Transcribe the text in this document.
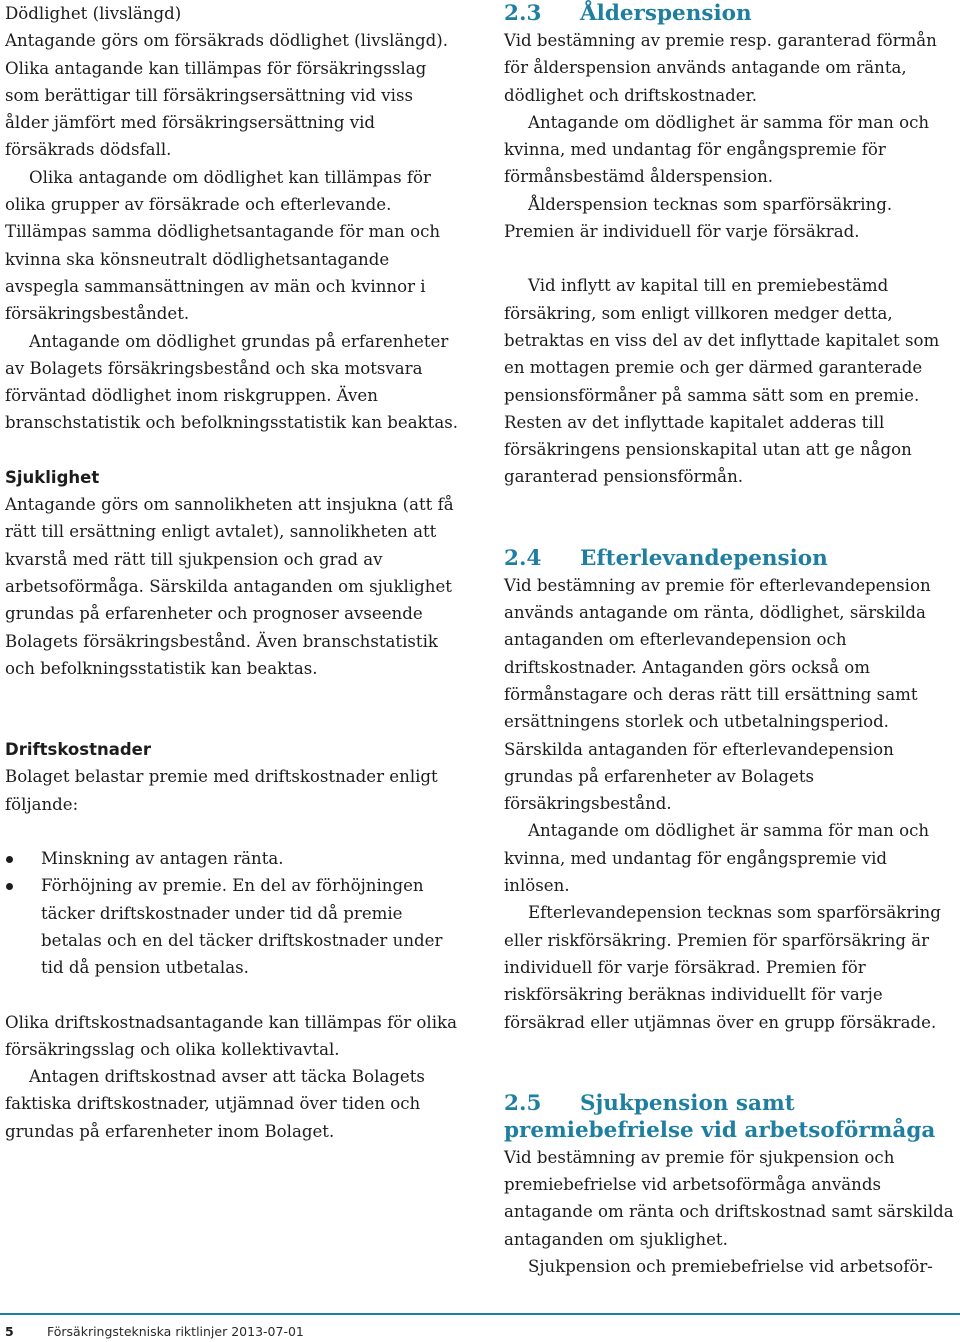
Dödlighet (livslängd)

Antagande görs om försäkrads dödlighet (livslängd). Olika antagande kan tillämpas för försäkringsslag som berättigar till försäkringsersättning vid viss ålder jämfört med försäkringsersättning vid försäkrads dödsfall.

Olika antagande om dödlighet kan tillämpas för olika grupper av försäkrade och efterlevande. Tillämpas samma dödlighetsantagande för man och kvinna ska könsneutralt dödlighetsantagande avspegla sammansättningen av män och kvinnor i försäkringsbeståndet.

Antagande om dödlighet grundas på erfarenheter av Bolagets försäkringsbestånd och ska motsvara förväntad dödlighet inom riskgruppen. Även branschstatistik och befolkningsstatistik kan beaktas.

Sjuklighet

Antagande görs om sannolikheten att insjukna (att få rätt till ersättning enligt avtalet), sannolikheten att kvarstå med rätt till sjukpension och grad av arbetsoförmåga. Särskilda antaganden om sjuklighet grundas på erfarenheter och prognoser avseende Bolagets försäkringsbestånd. Även branschstatistik och befolkningsstatistik kan beaktas.

Driftskostnader

Bolaget belastar premie med driftskostnader enligt följande:

Minskning av antagen ränta.
Förhöjning av premie. En del av förhöjningen täcker driftskostnader under tid då premie betalas och en del täcker driftskostnader under tid då pension utbetalas.

Olika driftskostnadsantagande kan tillämpas för olika försäkringsslag och olika kollektivavtal.

Antagen driftskostnad avser att täcka Bolagets faktiska driftskostnader, utjämnad över tiden och grundas på erfarenheter inom Bolaget.

2.3	Ålderspension

Vid bestämning av premie resp. garanterad förmån för ålderspension används antagande om ränta, dödlighet och driftskostnader.

Antagande om dödlighet är samma för man och kvinna, med undantag för engångspremie för förmånsbestämd ålderspension.

Ålderspension tecknas som sparförsäkring. Premien är individuell för varje försäkrad.

Vid inflytt av kapital till en premiebestämd försäkring, som enligt villkoren medger detta, betraktas en viss del av det inflyttade kapitalet som en mottagen premie och ger därmed garanterade pensionsförmåner på samma sätt som en premie. Resten av det inflyttade kapitalet adderas till försäkringens pensionskapital utan att ge någon garanterad pensionsförmån.

2.4	Efterlevandepension

Vid bestämning av premie för efterlevandepension används antagande om ränta, dödlighet, särskilda antaganden om efterlevandepension och driftskostnader. Antaganden görs också om förmånstagare och deras rätt till ersättning samt ersättningens storlek och utbetalningsperiod. Särskilda antaganden för efterlevandepension grundas på erfarenheter av Bolagets försäkringsbestånd.

Antagande om dödlighet är samma för man och kvinna, med undantag för engångspremie vid inlösen.

Efterlevandepension tecknas som sparförsäkring eller riskförsäkring. Premien för sparförsäkring är individuell för varje försäkrad. Premien för riskförsäkring beräknas individuellt för varje försäkrad eller utjämnas över en grupp försäkrade.

2.5 Sjukpension samt premiebefrielse vid arbetsoförmåga

Vid bestämning av premie för sjukpension och premiebefrielse vid arbetsoförmåga används antagande om ränta och driftskostnad samt särskilda antaganden om sjuklighet.

Sjukpension och premiebefrielse vid arbetsoför-

5	Försäkringstekniska riktlinjer 2013-07-01
